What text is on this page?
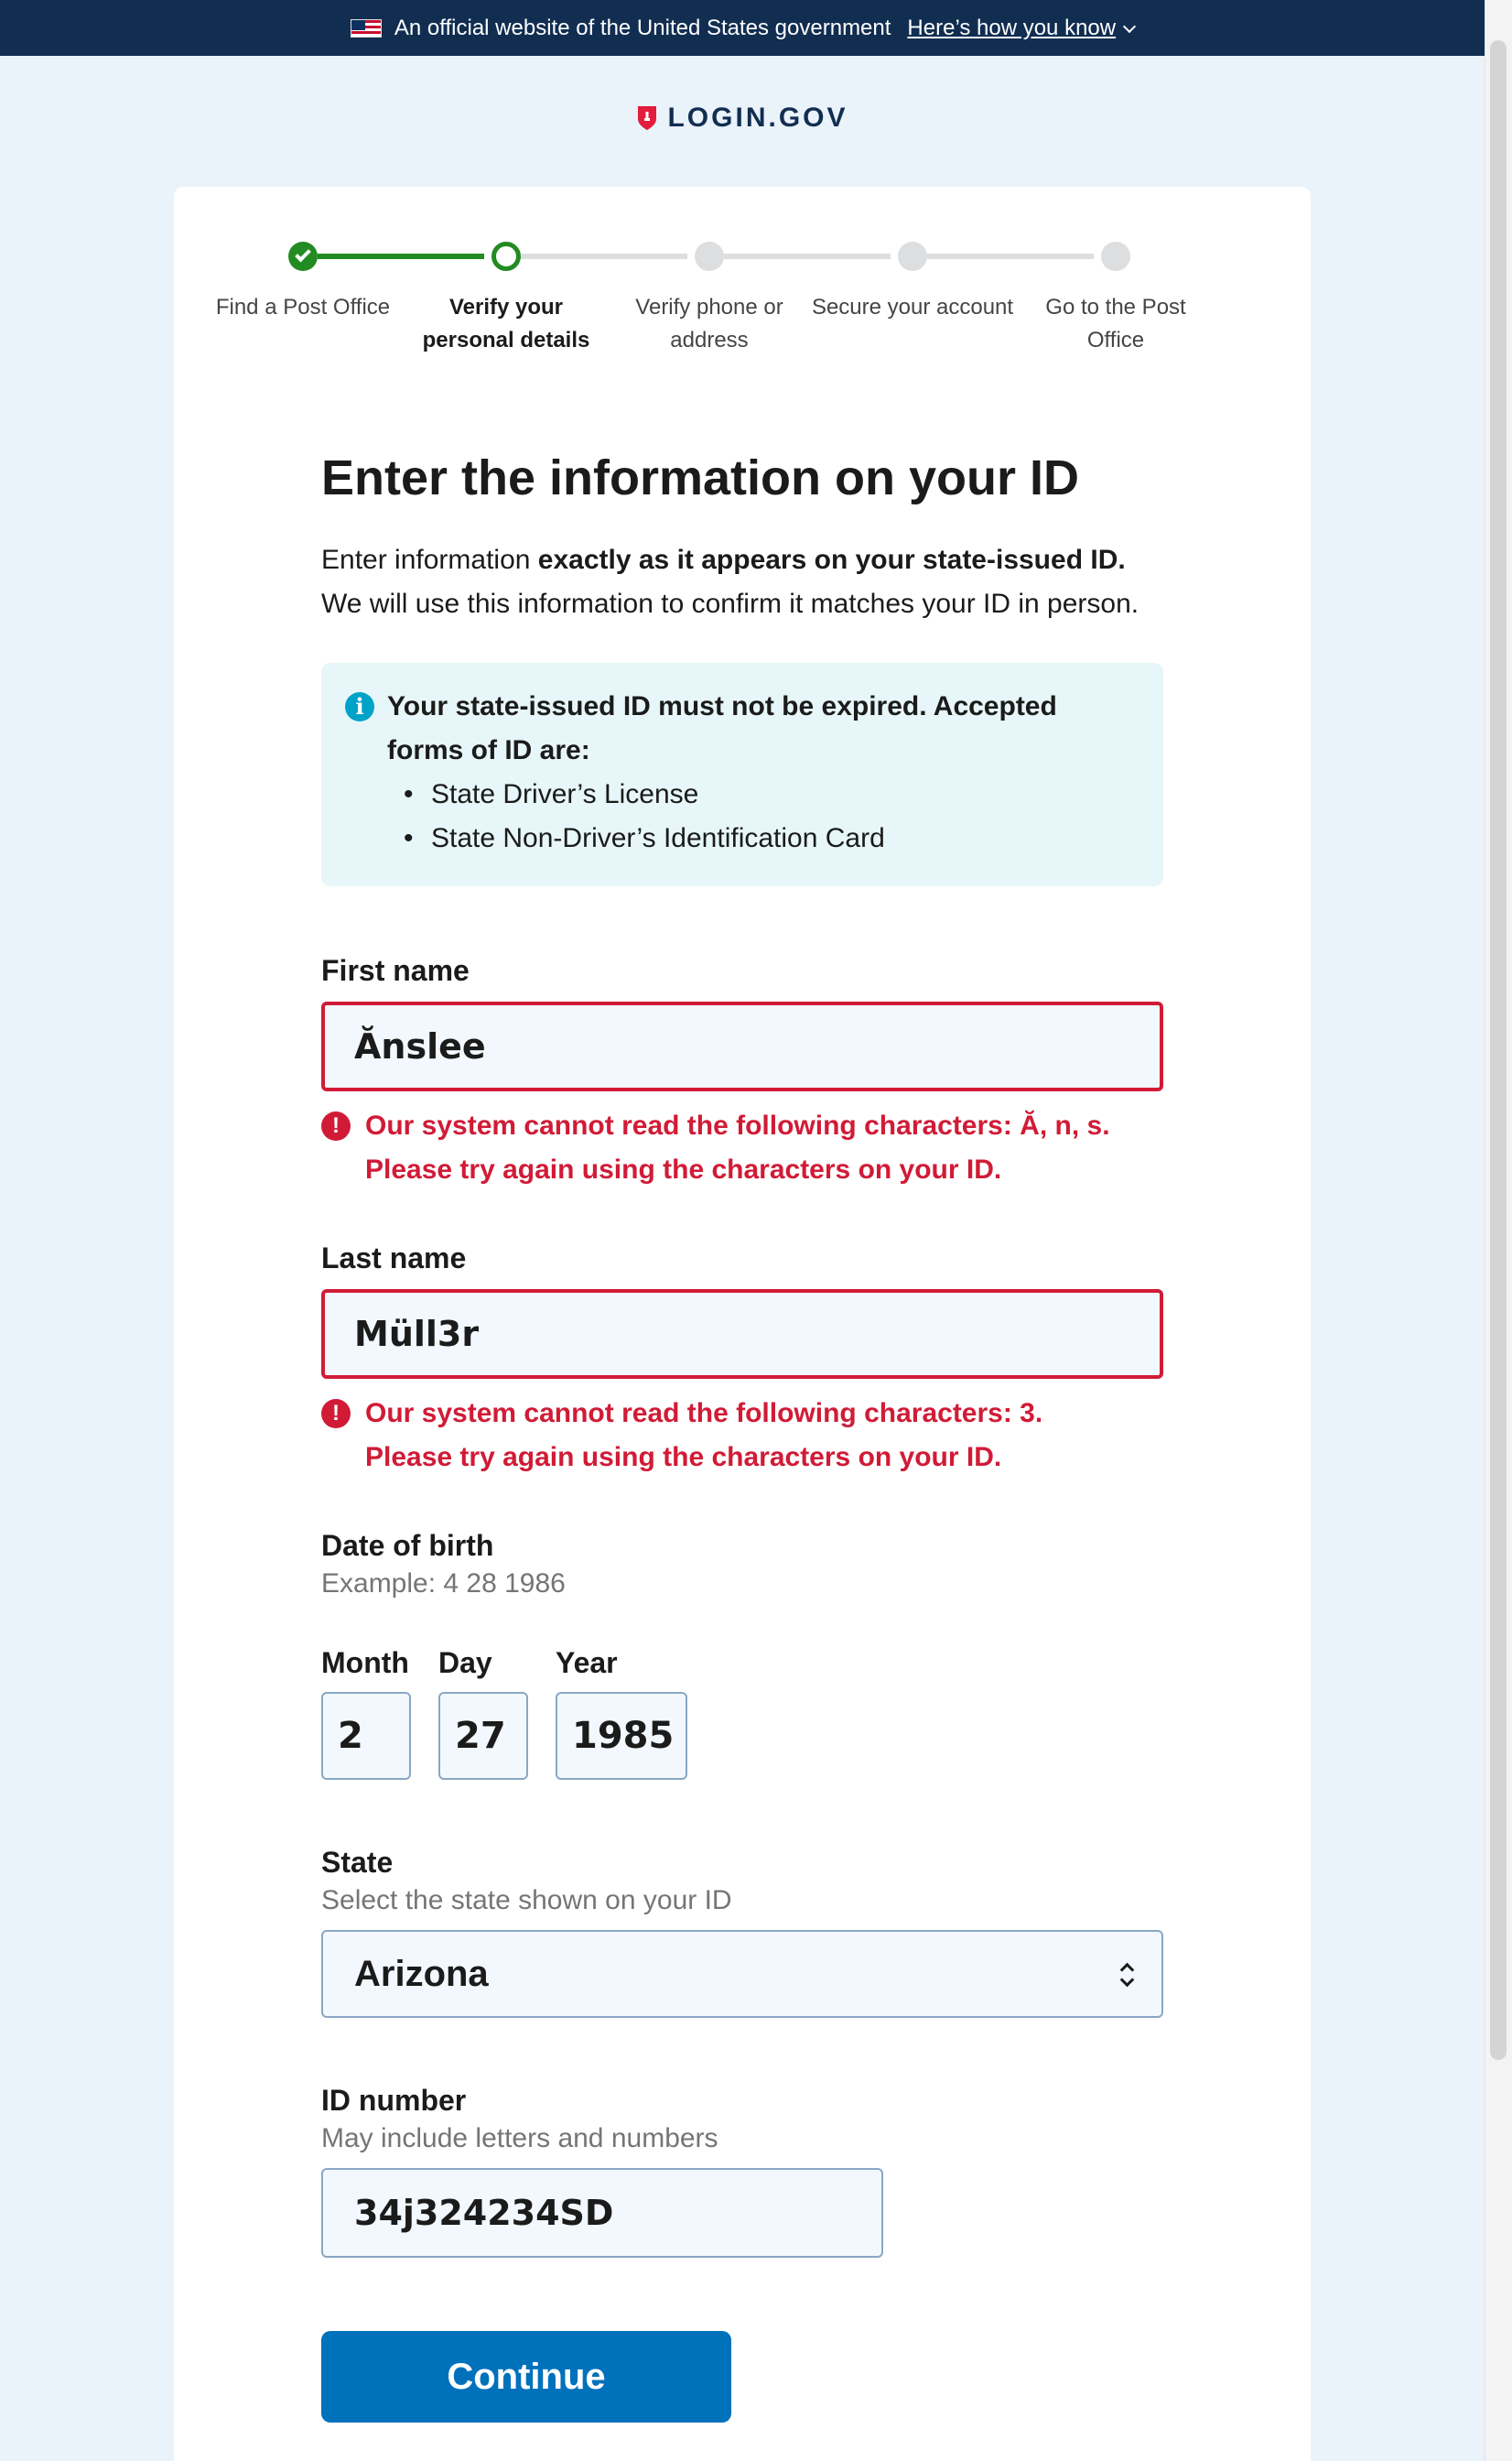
An official website of the United States government Here’s how you know
LOGIN.GOV
Find a Post Office	Verify your personal details
Verify phone or address
Secure your account	Go to the Post Office
Enter the information on your ID

Enter information exactly as it appears on your state-issued ID. We will use this information to confirm it matches your ID in person.

i Your state-issued ID must not be expired. Accepted forms of ID are:
• State Driver’s License
• State Non-Driver’s Identification Card
First name
Ănslee
! Our system cannot read the following characters: Ă, n, s.
Please try again using the characters on your ID.
Last name
Müll3r
! Our system cannot read the following characters: 3.
Please try again using the characters on your ID.
Date of birth
Example: 4 28 1986
Month
2
Day
27
Year
1985
State
Select the state shown on your ID
Arizona
ID number
May include letters and numbers
34j324234SD
Continue
